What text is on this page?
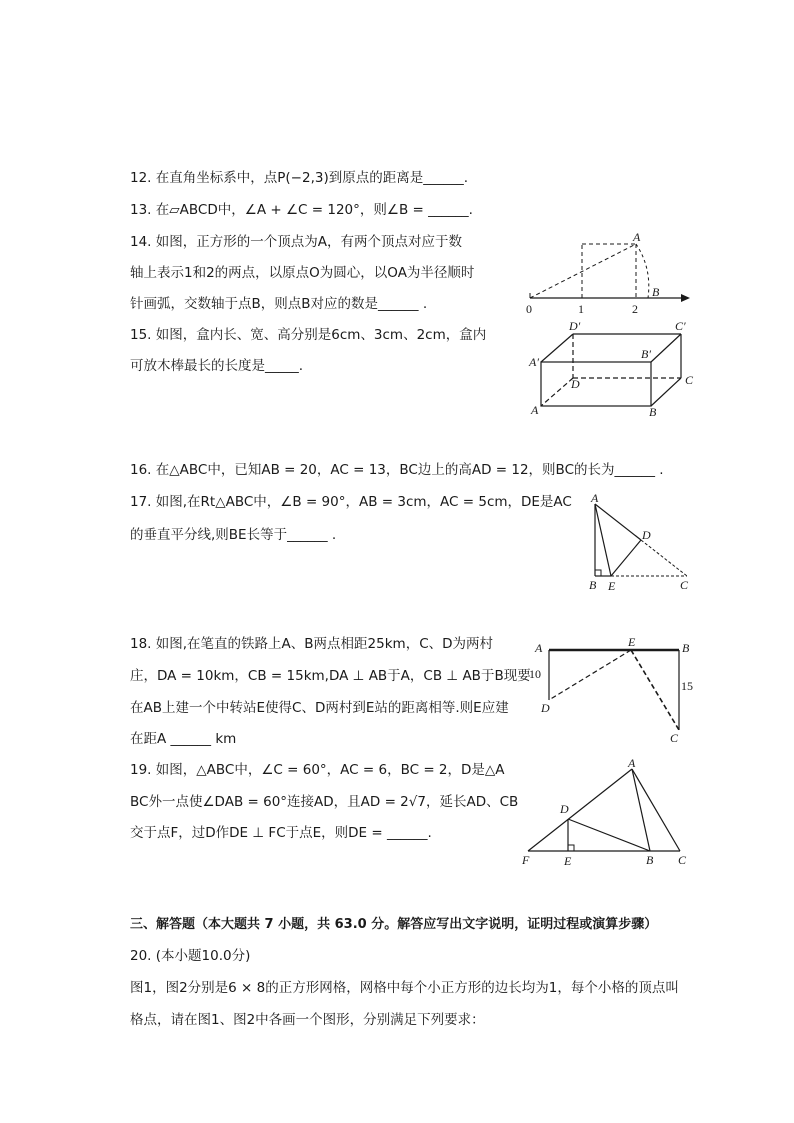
12. 在直角坐标系中，点P(−2,3)到原点的距离是______.
13. 在▱ABCD中，∠A + ∠C = 120°，则∠B = ______.
14. 如图，正方形的一个顶点为A，有两个顶点对应于数
轴上表示1和2的两点，以原点O为圆心，以OA为半径顺时
针画弧，交数轴于点B，则点B对应的数是______ .
A
B
0	1	2
15. 如图，盒内长、宽、高分别是6cm、3cm、2cm，盒内
可放木棒最长的长度是_____.
D′	C′
A′
B′
D	C
A	B
16. 在△ABC中，已知AB = 20，AC = 13，BC边上的高AD = 12，则BC的长为______ .
17. 如图,在Rt△ABC中，∠B = 90°，AB = 3cm，AC = 5cm，DE是AC
的垂直平分线,则BE长等于______ .
A
D
B E	C
18. 如图,在笔直的铁路上A、B两点相距25km，C、D为两村
庄，DA = 10km，CB = 15km,DA ⊥ AB于A，CB ⊥ AB于B现要
在AB上建一个中转站E使得C、D两村到E站的距离相等.则E应建
在距A ______ km
A	E	B
10
15
D
C
19. 如图，△ABC中，∠C = 60°，AC = 6，BC = 2，D是△A
BC外一点使∠DAB = 60°连接AD，且AD = 2√7，延长AD、CB
交于点F，过D作DE ⊥ FC于点E，则DE = ______.
A
D
F	E	B C
三、解答题（本大题共 7 小题，共 63.0 分。解答应写出文字说明，证明过程或演算步骤）
20. (本小题10.0分)
图1，图2分别是6 × 8的正方形网格，网格中每个小正方形的边长均为1，每个小格的顶点叫
格点，请在图1、图2中各画一个图形，分别满足下列要求：
